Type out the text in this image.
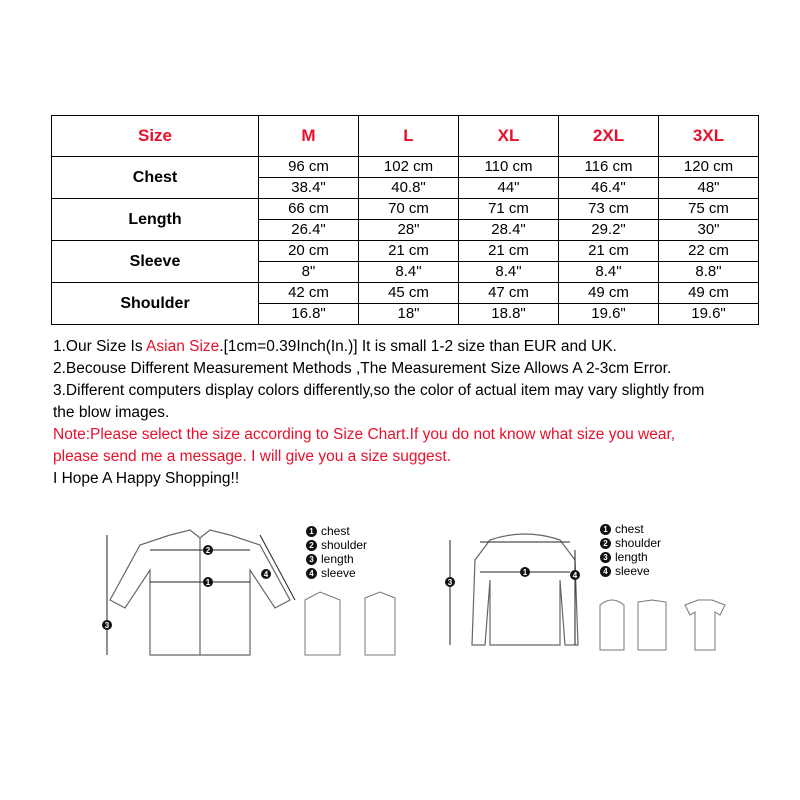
Size	M	L	XL	2XL	3XL
Chest	96 cm	102 cm	110 cm	116 cm	120 cm
	38.4"	40.8"	44"	46.4"	48"
Length	66 cm	70 cm	71 cm	73 cm	75 cm
	26.4"	28"	28.4"	29.2"	30"
Sleeve	20 cm	21 cm	21 cm	21 cm	22 cm
	8"	8.4"	8.4"	8.4"	8.8"
Shoulder	42 cm	45 cm	47 cm	49 cm	49 cm
	16.8"	18"	18.8"	19.6"	19.6"

1.Our Size Is Asian Size.[1cm=0.39Inch(In.)] It is small 1-2 size than EUR and UK.

2.Becouse Different Measurement Methods ,The Measurement Size Allows A 2-3cm Error.

3.Different computers display colors differently,so the color of actual item may vary slightly from

the blow images.

Note:Please select the size according to Size Chart.If you do not know what size you wear,

please send me a message. I will give you a size suggest.

I Hope A Happy Shopping!!

2
1
3
4
1 chest
2 shoulder
3 length
4 sleeve	1
3
4
1 chest
2 shoulder
3 length
4 sleeve
